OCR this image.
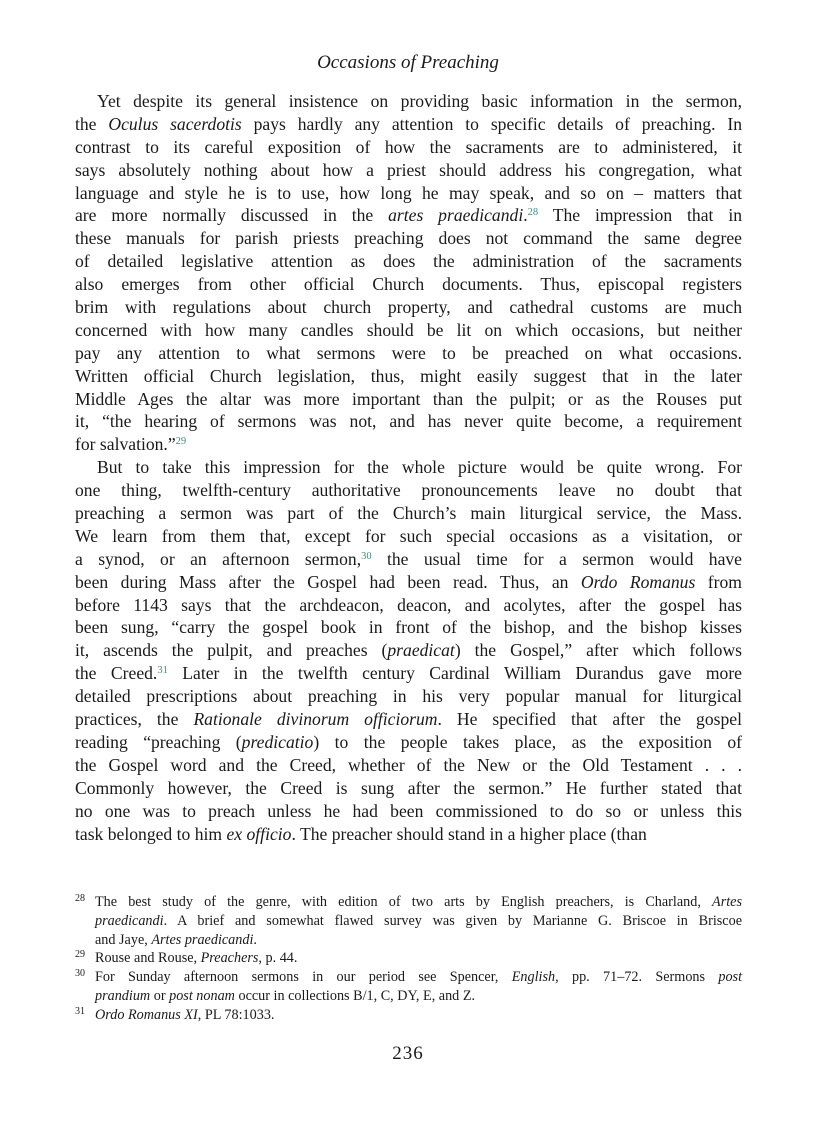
Occasions of Preaching
Yet despite its general insistence on providing basic information in the sermon,
the Oculus sacerdotis pays hardly any attention to specific details of preaching. In
contrast to its careful exposition of how the sacraments are to administered, it
says absolutely nothing about how a priest should address his congregation, what
language and style he is to use, how long he may speak, and so on – matters that
are more normally discussed in the artes praedicandi.$^{28}$ The impression that in
these manuals for parish priests preaching does not command the same degree
of detailed legislative attention as does the administration of the sacraments
also emerges from other official Church documents. Thus, episcopal registers
brim with regulations about church property, and cathedral customs are much
concerned with how many candles should be lit on which occasions, but neither
pay any attention to what sermons were to be preached on what occasions.
Written official Church legislation, thus, might easily suggest that in the later
Middle Ages the altar was more important than the pulpit; or as the Rouses put
it, “the hearing of sermons was not, and has never quite become, a requirement
for salvation.”$^{29}$
But to take this impression for the whole picture would be quite wrong. For
one thing, twelfth-century authoritative pronouncements leave no doubt that
preaching a sermon was part of the Church’s main liturgical service, the Mass.
We learn from them that, except for such special occasions as a visitation, or
a synod, or an afternoon sermon,$^{30}$ the usual time for a sermon would have
been during Mass after the Gospel had been read. Thus, an Ordo Romanus from
before 1143 says that the archdeacon, deacon, and acolytes, after the gospel has
been sung, “carry the gospel book in front of the bishop, and the bishop kisses
it, ascends the pulpit, and preaches (praedicat) the Gospel,” after which follows
the Creed.$^{31}$ Later in the twelfth century Cardinal William Durandus gave more
detailed prescriptions about preaching in his very popular manual for liturgical
practices, the Rationale divinorum officiorum. He specified that after the gospel
reading “preaching (predicatio) to the people takes place, as the exposition of
the Gospel word and the Creed, whether of the New or the Old Testament . . .
Commonly however, the Creed is sung after the sermon.” He further stated that
no one was to preach unless he had been commissioned to do so or unless this
task belonged to him ex officio. The preacher should stand in a higher place (than
28 The best study of the genre, with edition of two arts by English preachers, is Charland, Artes
praedicandi. A brief and somewhat flawed survey was given by Marianne G. Briscoe in Briscoe
and Jaye, Artes praedicandi.
29 Rouse and Rouse, Preachers, p. 44.
30 For Sunday afternoon sermons in our period see Spencer, English, pp. 71–72. Sermons post
prandium or post nonam occur in collections B/1, C, DY, E, and Z.
31 Ordo Romanus XI, PL 78:1033.
236
